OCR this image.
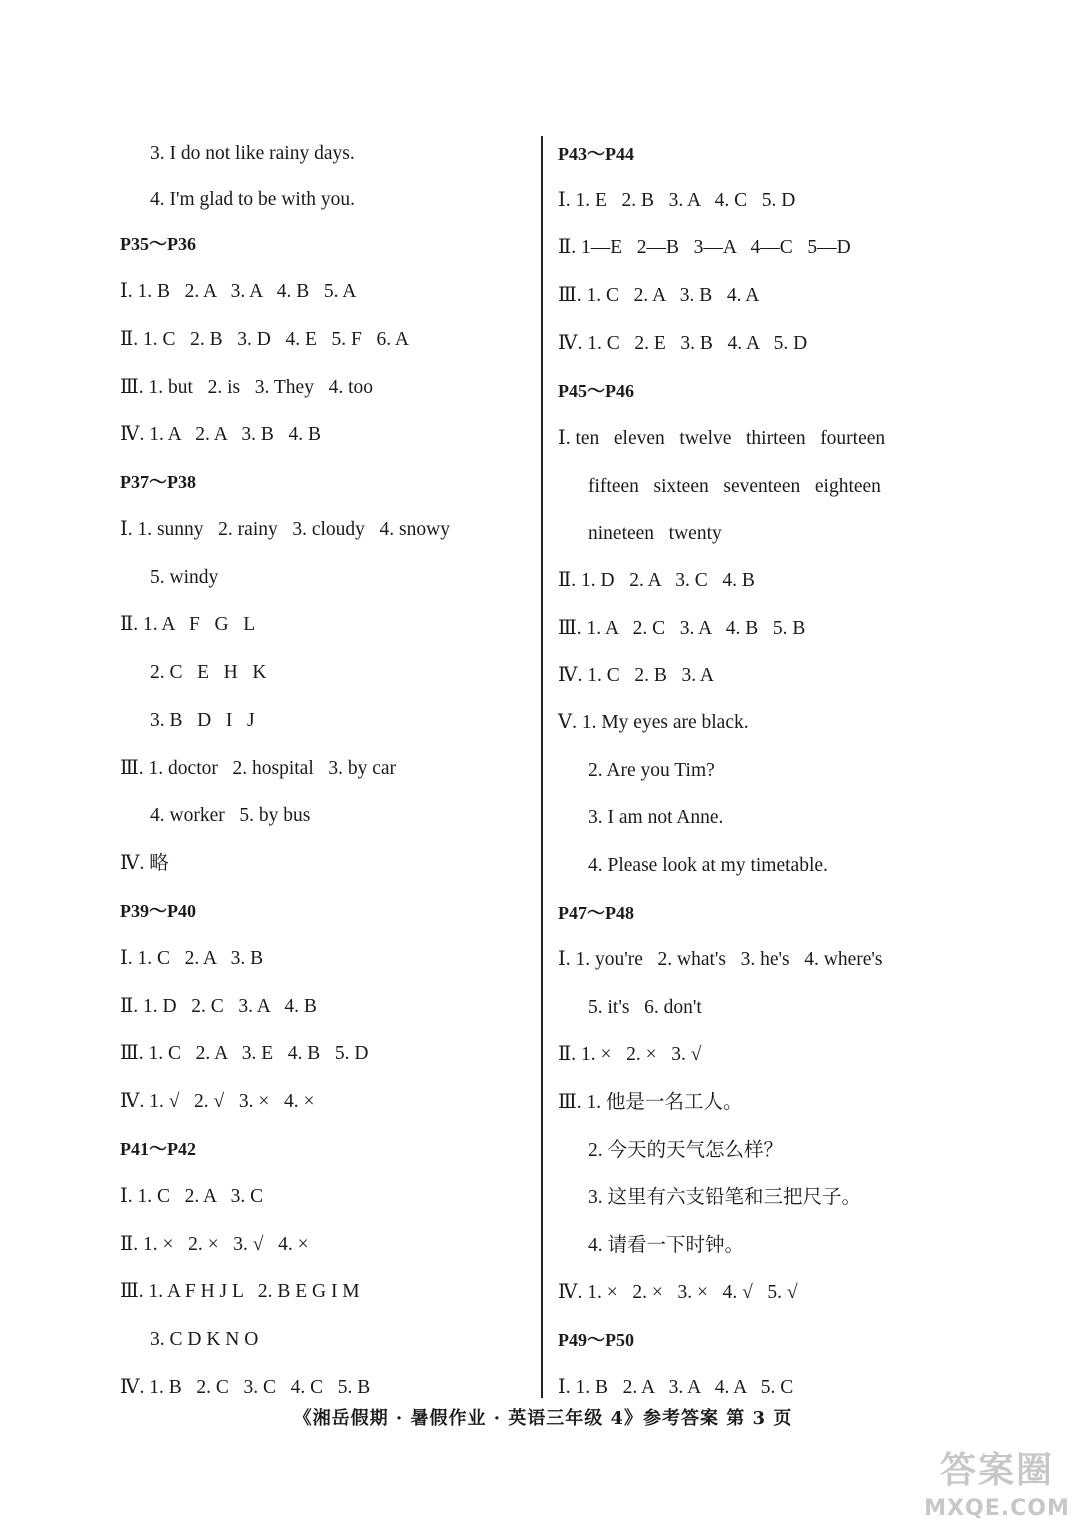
3. I do not like rainy days.
4. I'm glad to be with you.
P35～P36
Ⅰ. 1. B   2. A   3. A   4. B   5. A
Ⅱ. 1. C   2. B   3. D   4. E   5. F   6. A
Ⅲ. 1. but   2. is   3. They   4. too
Ⅳ. 1. A   2. A   3. B   4. B
P37～P38
Ⅰ. 1. sunny   2. rainy   3. cloudy   4. snowy
5. windy
Ⅱ. 1. A   F   G   L
2. C   E   H   K
3. B   D   I   J
Ⅲ. 1. doctor   2. hospital   3. by car
4. worker   5. by bus
Ⅳ. 略
P39～P40
Ⅰ. 1. C   2. A   3. B
Ⅱ. 1. D   2. C   3. A   4. B
Ⅲ. 1. C   2. A   3. E   4. B   5. D
Ⅳ. 1. √   2. √   3. ×   4. ×
P41～P42
Ⅰ. 1. C   2. A   3. C
Ⅱ. 1. ×   2. ×   3. √   4. ×
Ⅲ. 1. A F H J L   2. B E G I M
3. C D K N O
Ⅳ. 1. B   2. C   3. C   4. C   5. B
P43～P44
Ⅰ. 1. E   2. B   3. A   4. C   5. D
Ⅱ. 1—E   2—B   3—A   4—C   5—D
Ⅲ. 1. C   2. A   3. B   4. A
Ⅳ. 1. C   2. E   3. B   4. A   5. D
P45～P46
Ⅰ. ten   eleven   twelve   thirteen   fourteen
fifteen   sixteen   seventeen   eighteen
nineteen   twenty
Ⅱ. 1. D   2. A   3. C   4. B
Ⅲ. 1. A   2. C   3. A   4. B   5. B
Ⅳ. 1. C   2. B   3. A
Ⅴ. 1. My eyes are black.
2. Are you Tim?
3. I am not Anne.
4. Please look at my timetable.
P47～P48
Ⅰ. 1. you're   2. what's   3. he's   4. where's
5. it's   6. don't
Ⅱ. 1. ×   2. ×   3. √
Ⅲ. 1. 他是一名工人。
2. 今天的天气怎么样？
3. 这里有六支铅笔和三把尺子。
4. 请看一下时钟。
Ⅳ. 1. ×   2. ×   3. ×   4. √   5. √
P49～P50
Ⅰ. 1. B   2. A   3. A   4. A   5. C
《湘岳假期 · 暑假作业 · 英语三年级 4》参考答案 第 3 页
答案圈
MXQE.COM
